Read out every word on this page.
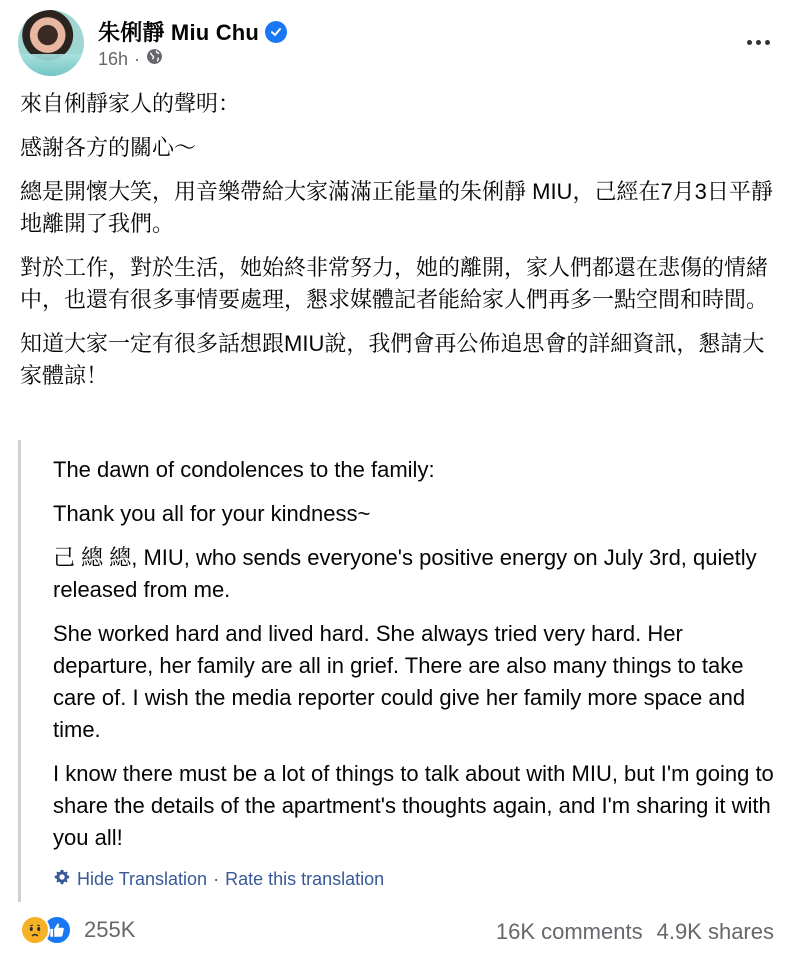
朱俐靜 Miu Chu
16h ·

來自俐靜家人的聲明：

感謝各方的關心～

總是開懷大笑，用音樂帶給大家滿滿正能量的朱俐靜 MIU，己經在7月3日平靜地離開了我們。

對於工作，對於生活，她始終非常努力，她的離開，家人們都還在悲傷的情緒中，也還有很多事情要處理，懇求媒體記者能給家人們再多一點空間和時間。

知道大家一定有很多話想跟MIU說，我們會再公佈追思會的詳細資訊，懇請大家體諒！

The dawn of condolences to the family:

Thank you all for your kindness~

己 總 總, MIU, who sends everyone's positive energy on July 3rd, quietly released from me.

She worked hard and lived hard. She always tried very hard. Her departure, her family are all in grief. There are also many things to take care of. I wish the media reporter could give her family more space and time.

I know there must be a lot of things to talk about with MIU, but I'm going to share the details of the apartment's thoughts again, and I'm sharing it with you all!

Hide Translation · Rate this translation
255K	16K comments 4.9K shares
